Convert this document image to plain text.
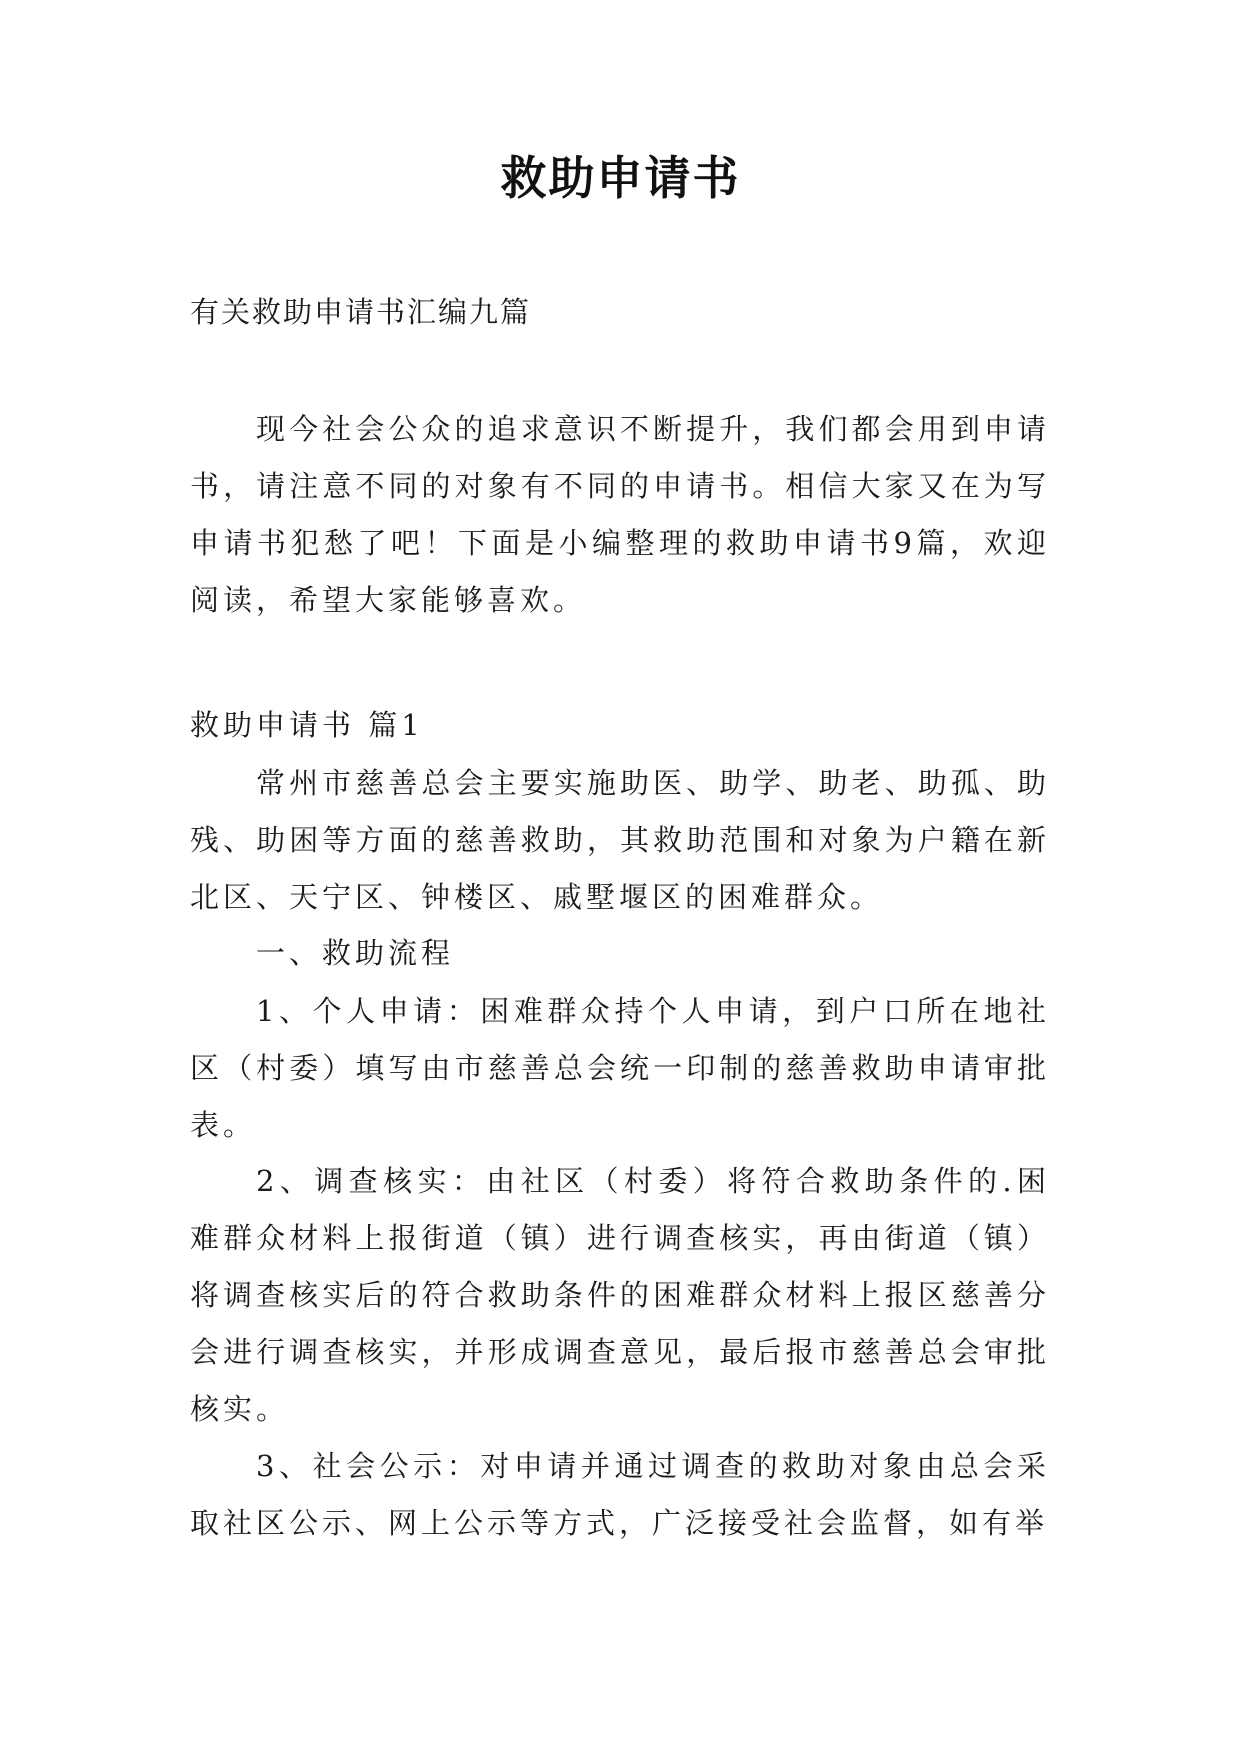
救助申请书

有关救助申请书汇编九篇

现今社会公众的追求意识不断提升，我们都会用到申请书，请注意不同的对象有不同的申请书。相信大家又在为写申请书犯愁了吧！下面是小编整理的救助申请书9篇，欢迎阅读，希望大家能够喜欢。

救助申请书 篇1

常州市慈善总会主要实施助医、助学、助老、助孤、助残、助困等方面的慈善救助，其救助范围和对象为户籍在新北区、天宁区、钟楼区、戚墅堰区的困难群众。

一、救助流程

1、个人申请：困难群众持个人申请，到户口所在地社区（村委）填写由市慈善总会统一印制的慈善救助申请审批表。

2、调查核实：由社区（村委）将符合救助条件的.困难群众材料上报街道（镇）进行调查核实，再由街道（镇）将调查核实后的符合救助条件的困难群众材料上报区慈善分会进行调查核实，并形成调查意见，最后报市慈善总会审批核实。

3、社会公示：对申请并通过调查的救助对象由总会采取社区公示、网上公示等方式，广泛接受社会监督，如有举
